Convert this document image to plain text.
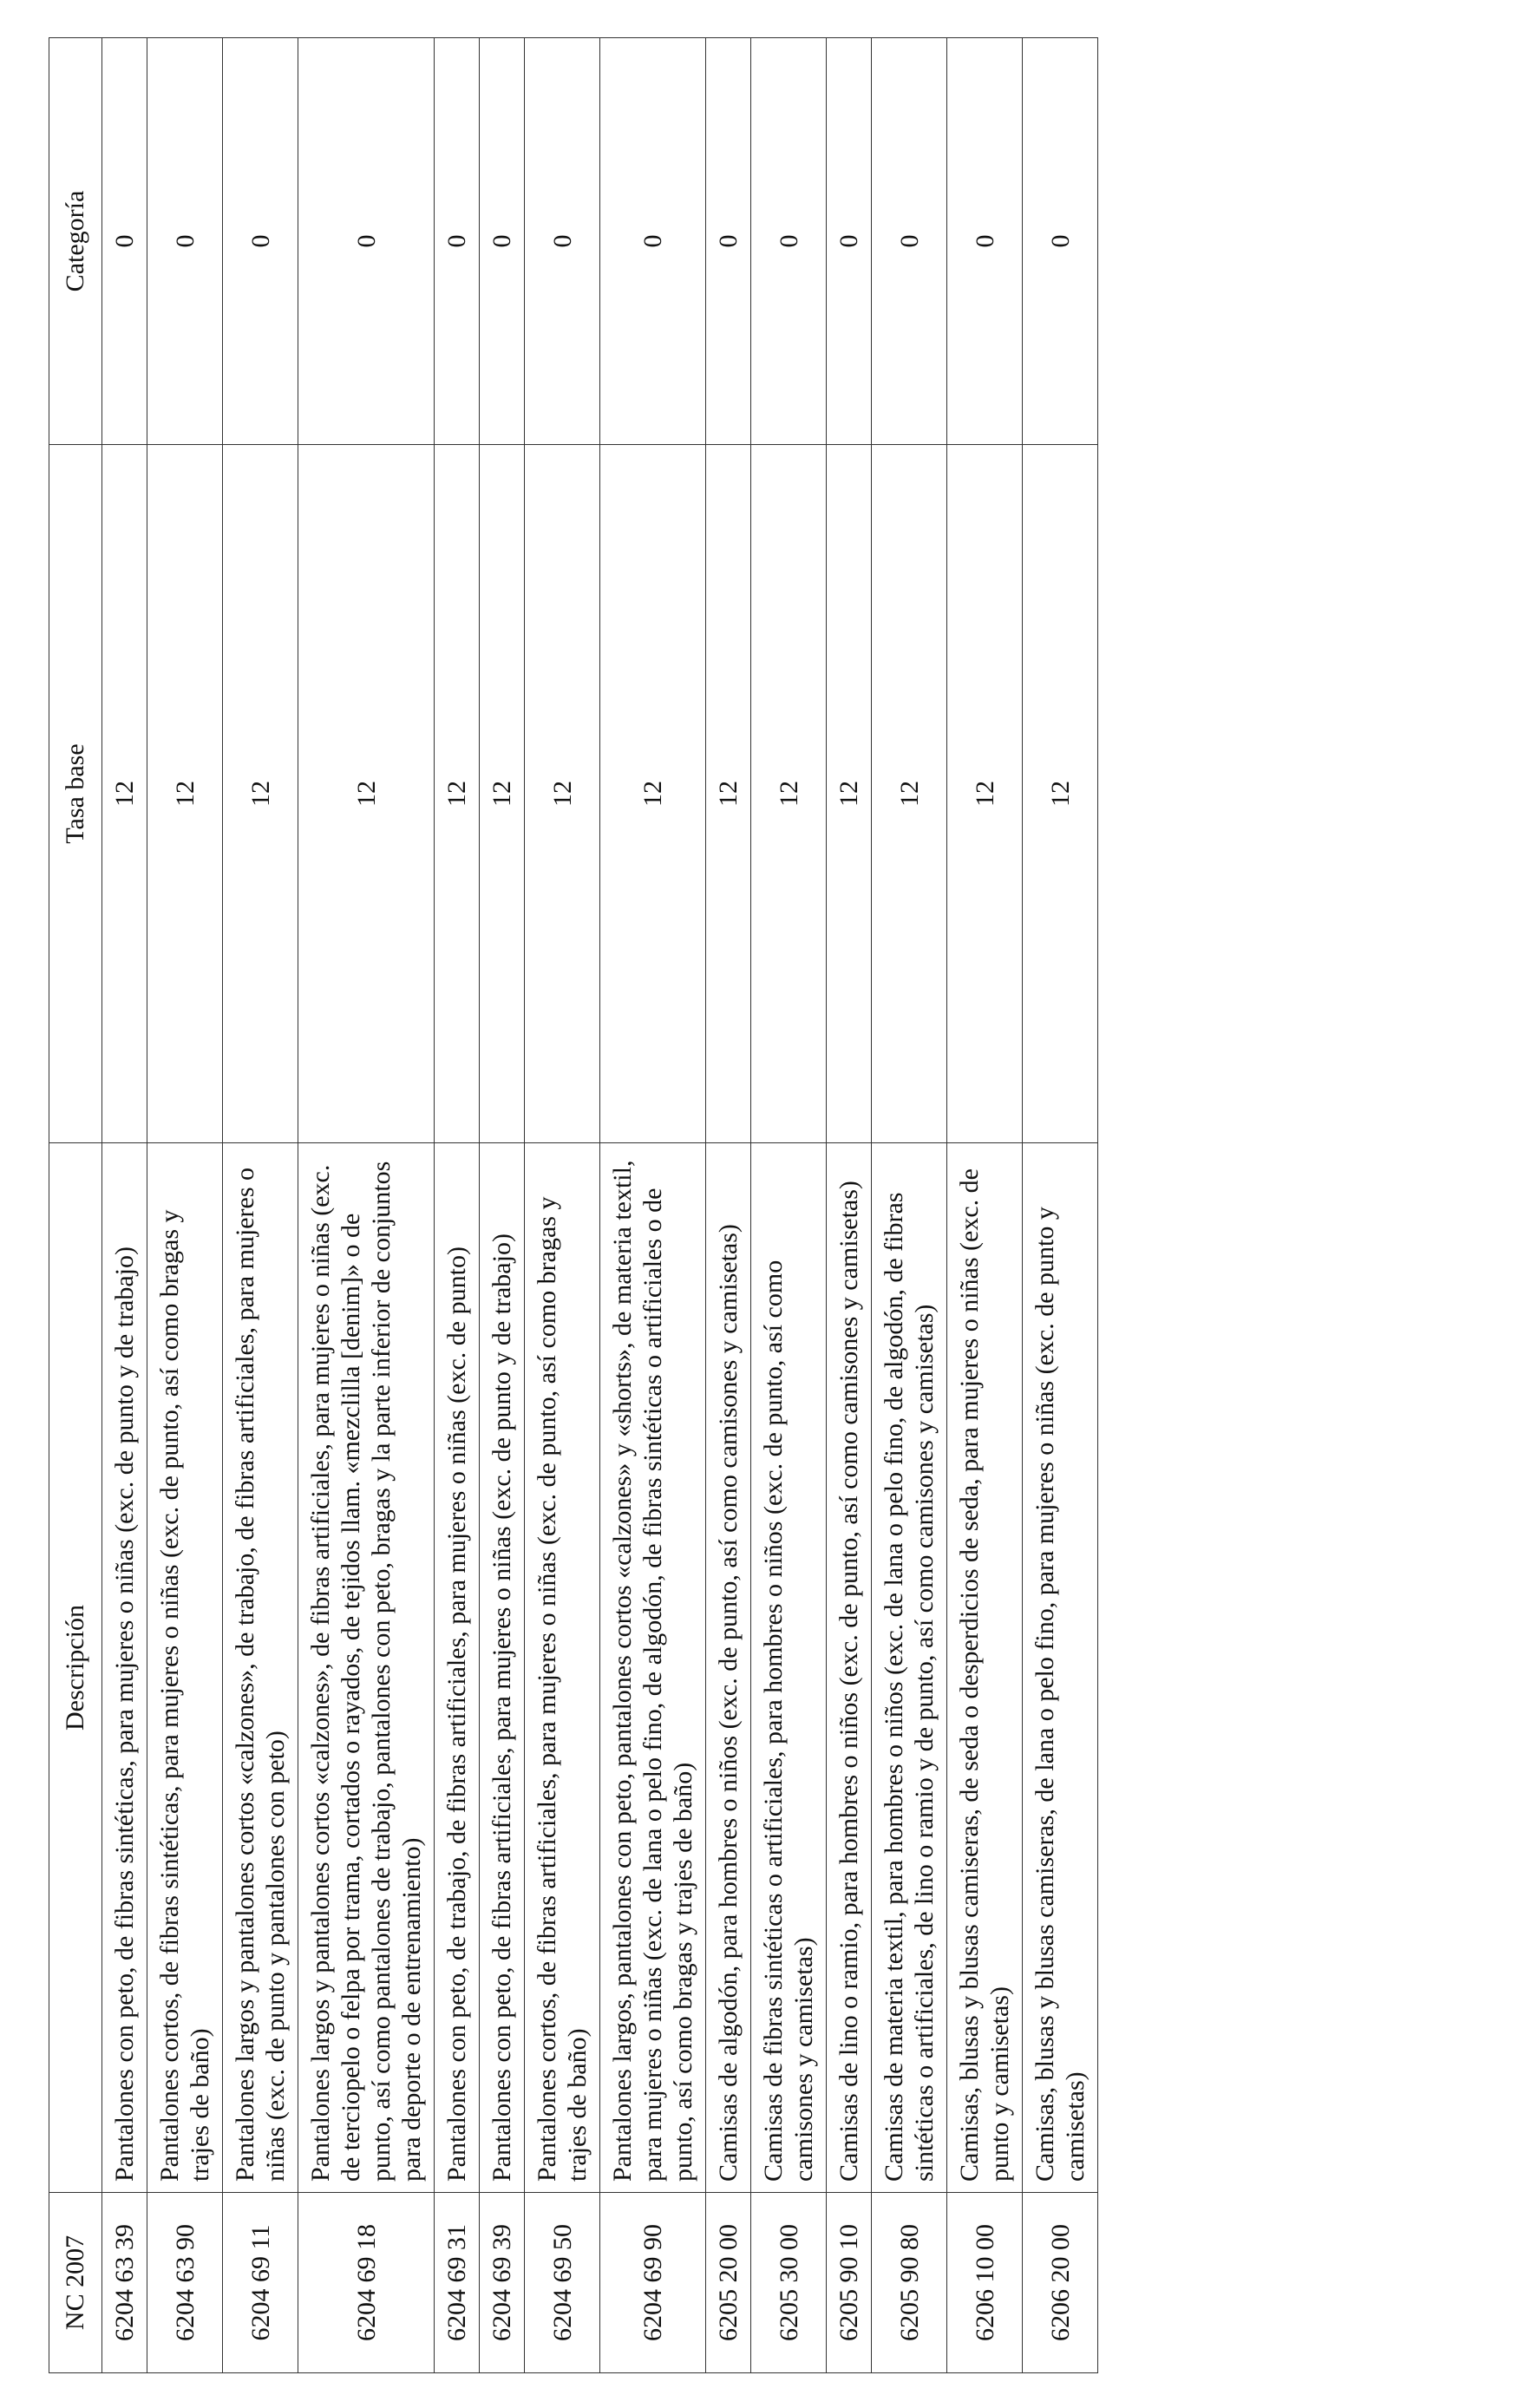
NC 2007	Descripción	Tasa base	Categoría
6204 63 39	Pantalones con peto, de fibras sintéticas, para mujeres o niñas (exc. de punto y de trabajo)	12	0
6204 63 90	Pantalones cortos, de fibras sintéticas, para mujeres o niñas (exc. de punto, así como bragas y trajes de baño)	12	0
6204 69 11	Pantalones largos y pantalones cortos «calzones», de trabajo, de fibras artificiales, para mujeres o niñas (exc. de punto y pantalones con peto)	12	0
6204 69 18	Pantalones largos y pantalones cortos «calzones», de fibras artificiales, para mujeres o niñas (exc. de terciopelo o felpa por trama, cortados o rayados, de tejidos llam. «mezclilla [denim]» o de punto, así como pantalones de trabajo, pantalones con peto, bragas y la parte inferior de conjuntos para deporte o de entrenamiento)	12	0
6204 69 31	Pantalones con peto, de trabajo, de fibras artificiales, para mujeres o niñas (exc. de punto)	12	0
6204 69 39	Pantalones con peto, de fibras artificiales, para mujeres o niñas (exc. de punto y de trabajo)	12	0
6204 69 50	Pantalones cortos, de fibras artificiales, para mujeres o niñas (exc. de punto, así como bragas y trajes de baño)	12	0
6204 69 90	Pantalones largos, pantalones con peto, pantalones cortos «calzones» y «shorts», de materia textil, para mujeres o niñas (exc. de lana o pelo fino, de algodón, de fibras sintéticas o artificiales o de punto, así como bragas y trajes de baño)	12	0
6205 20 00	Camisas de algodón, para hombres o niños (exc. de punto, así como camisones y camisetas)	12	0
6205 30 00	Camisas de fibras sintéticas o artificiales, para hombres o niños (exc. de punto, así como camisones y camisetas)	12	0
6205 90 10	Camisas de lino o ramio, para hombres o niños (exc. de punto, así como camisones y camisetas)	12	0
6205 90 80	Camisas de materia textil, para hombres o niños (exc. de lana o pelo fino, de algodón, de fibras sintéticas o artificiales, de lino o ramio y de punto, así como camisones y camisetas)	12	0
6206 10 00	Camisas, blusas y blusas camiseras, de seda o desperdicios de seda, para mujeres o niñas (exc. de punto y camisetas)	12	0
6206 20 00	Camisas, blusas y blusas camiseras, de lana o pelo fino, para mujeres o niñas (exc. de punto y camisetas)	12	0
